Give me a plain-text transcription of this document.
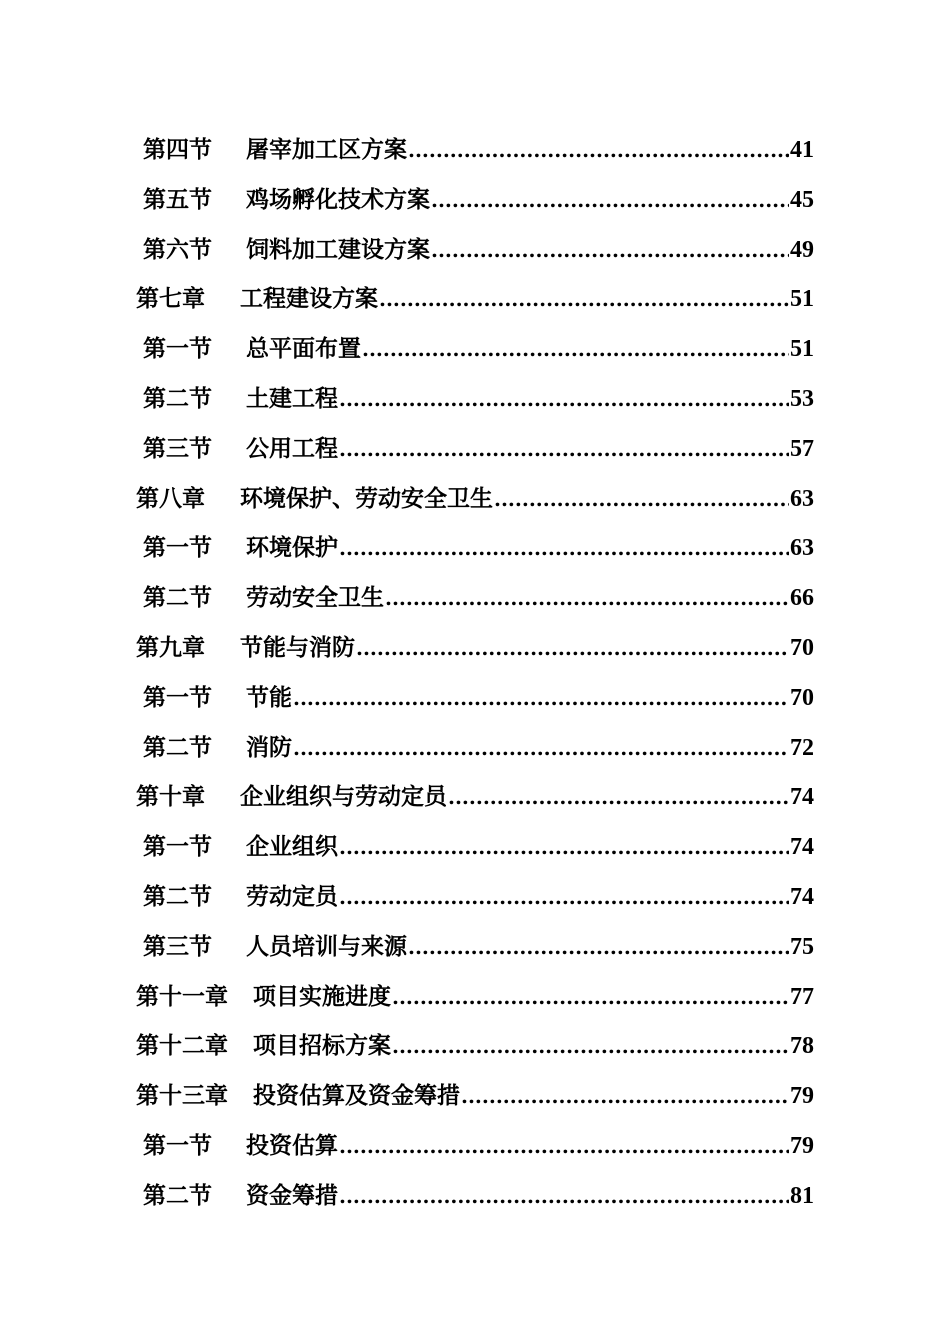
第四节	屠宰加工区方案 .....	41
第五节	鸡场孵化技术方案 .....	45
第六节	饲料加工建设方案 .....	49
第七章	工程建设方案 .....	51
第一节	总平面布置 .....	51
第二节	土建工程 .....	53
第三节	公用工程 .....	57
第八章	环境保护、劳动安全卫生 .....	63
第一节	环境保护 .....	63
第二节	劳动安全卫生 .....	66
第九章	节能与消防 .....	70
第一节	节能 .....	70
第二节	消防 .....	72
第十章	企业组织与劳动定员 .....	74
第一节	企业组织 .....	74
第二节	劳动定员 .....	74
第三节	人员培训与来源 .....	75
第十一章	项目实施进度 .....	77
第十二章	项目招标方案 .....	78
第十三章	投资估算及资金筹措 .....	79
第一节	投资估算 .....	79
第二节	资金筹措 .....	81
